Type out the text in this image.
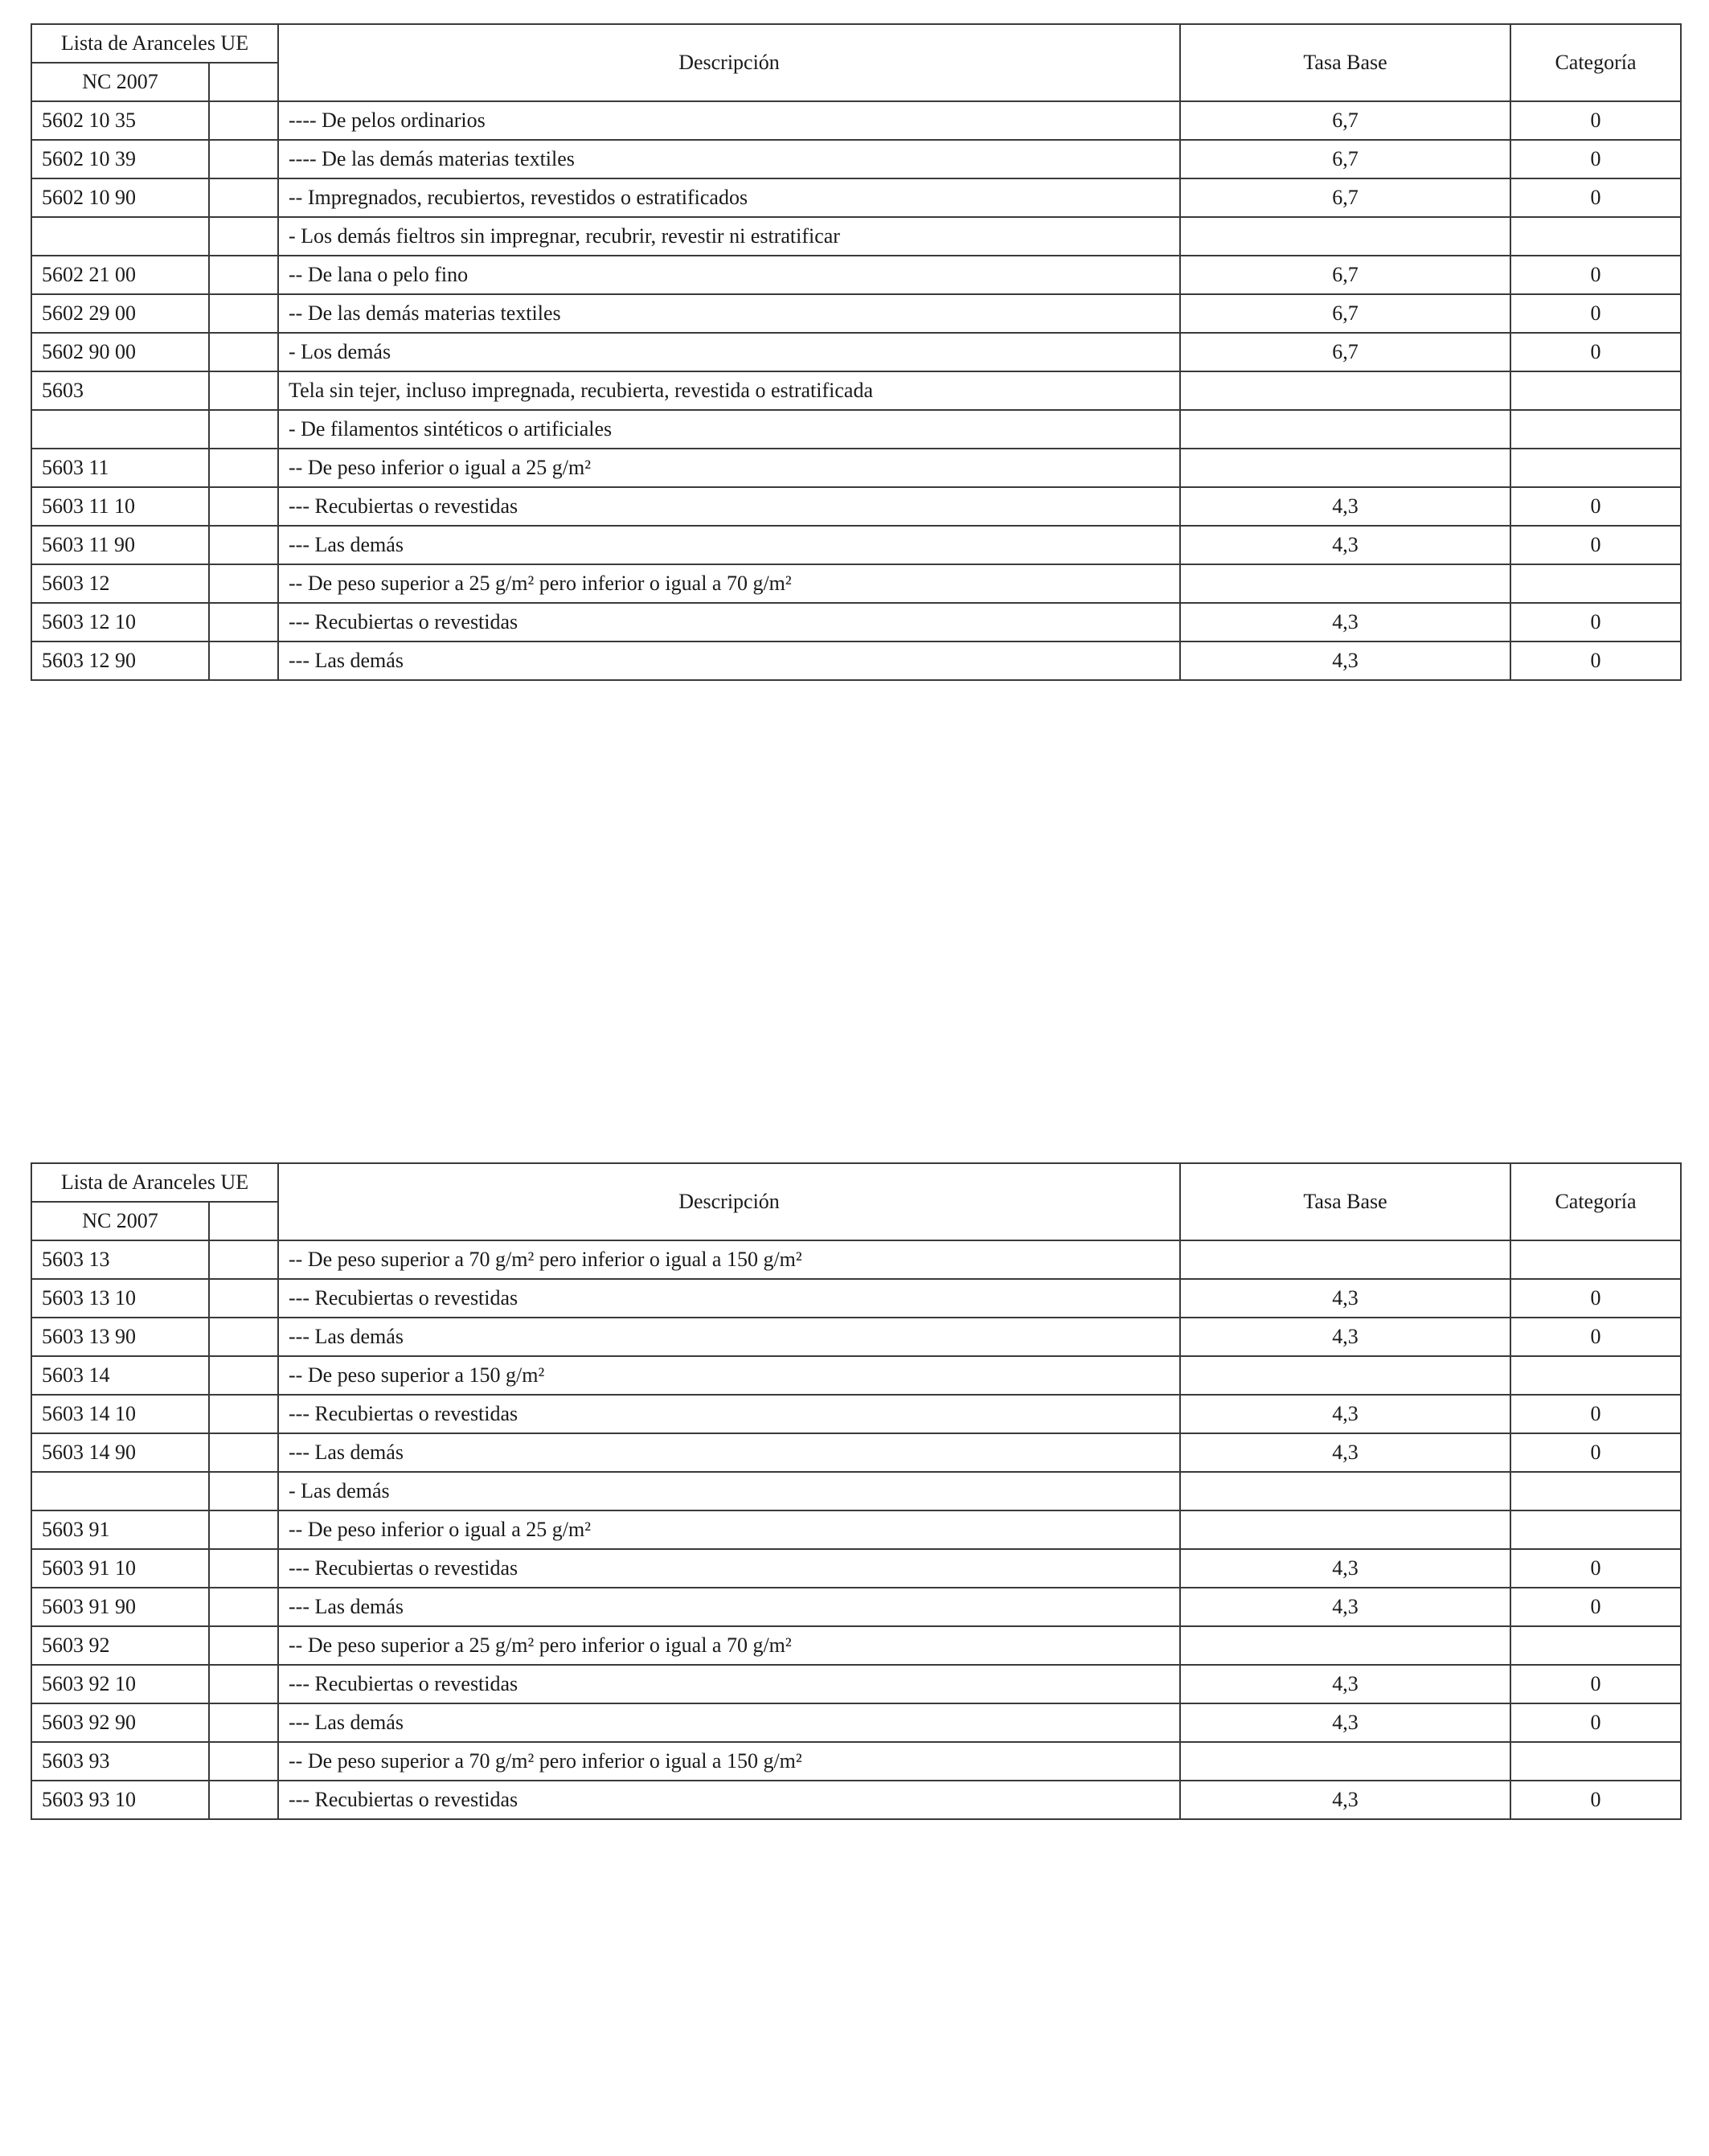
Lista de Aranceles UE		Descripción	Tasa Base	Categoría
NC 2007				
5602 10 35		---- De pelos ordinarios	6,7	0
5602 10 39		---- De las demás materias textiles	6,7	0
5602 10 90		-- Impregnados, recubiertos, revestidos o estratificados	6,7	0
		- Los demás fieltros sin impregnar, recubrir, revestir ni estratificar		
5602 21 00		-- De lana o pelo fino	6,7	0
5602 29 00		-- De las demás materias textiles	6,7	0
5602 90 00		- Los demás	6,7	0
5603		Tela sin tejer, incluso impregnada, recubierta, revestida o estratificada		
		- De filamentos sintéticos o artificiales		
5603 11		-- De peso inferior o igual a 25 g/m²		
5603 11 10		--- Recubiertas o revestidas	4,3	0
5603 11 90		--- Las demás	4,3	0
5603 12		-- De peso superior a 25 g/m² pero inferior o igual a 70 g/m²		
5603 12 10		--- Recubiertas o revestidas	4,3	0
5603 12 90		--- Las demás	4,3	0
Lista de Aranceles UE		Descripción	Tasa Base	Categoría
NC 2007				
5603 13		-- De peso superior a 70 g/m² pero inferior o igual a 150 g/m²		
5603 13 10		--- Recubiertas o revestidas	4,3	0
5603 13 90		--- Las demás	4,3	0
5603 14		-- De peso superior a 150 g/m²		
5603 14 10		--- Recubiertas o revestidas	4,3	0
5603 14 90		--- Las demás	4,3	0
		- Las demás		
5603 91		-- De peso inferior o igual a 25 g/m²		
5603 91 10		--- Recubiertas o revestidas	4,3	0
5603 91 90		--- Las demás	4,3	0
5603 92		-- De peso superior a 25 g/m² pero inferior o igual a 70 g/m²		
5603 92 10		--- Recubiertas o revestidas	4,3	0
5603 92 90		--- Las demás	4,3	0
5603 93		-- De peso superior a 70 g/m² pero inferior o igual a 150 g/m²		
5603 93 10		--- Recubiertas o revestidas	4,3	0
